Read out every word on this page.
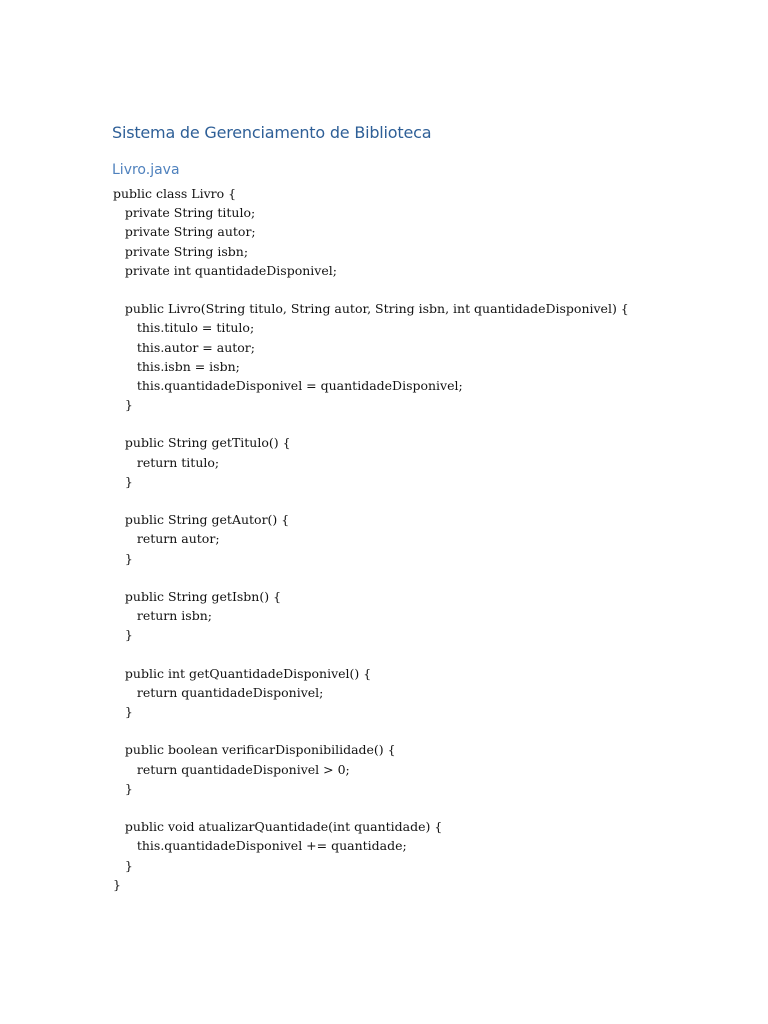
Sistema de Gerenciamento de Biblioteca
Livro.java
public class Livro {
private String titulo;
private String autor;
private String isbn;
private int quantidadeDisponivel;
public Livro(String titulo, String autor, String isbn, int quantidadeDisponivel) {
this.titulo = titulo;
this.autor = autor;
this.isbn = isbn;
this.quantidadeDisponivel = quantidadeDisponivel;
}
public String getTitulo() {
return titulo;
}
public String getAutor() {
return autor;
}
public String getIsbn() {
return isbn;
}
public int getQuantidadeDisponivel() {
return quantidadeDisponivel;
}
public boolean verificarDisponibilidade() {
return quantidadeDisponivel > 0;
}
public void atualizarQuantidade(int quantidade) {
this.quantidadeDisponivel += quantidade;
}
}
